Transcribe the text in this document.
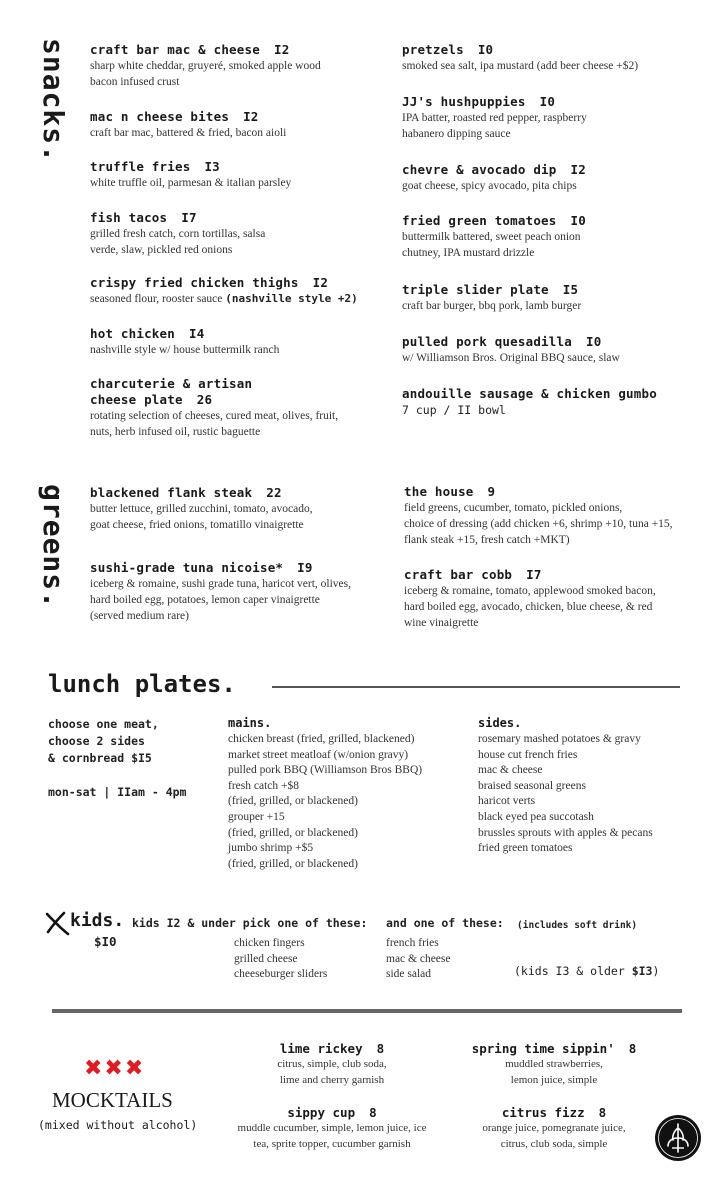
snacks. craft bar mac & cheese I2
sharp white cheddar, gruyeré, smoked apple wood
bacon infused crust
mac n cheese bites I2
craft bar mac, battered & fried, bacon aioli
truffle fries I3
white truffle oil, parmesan & italian parsley
fish tacos I7
grilled fresh catch, corn tortillas, salsa
verde, slaw, pickled red onions
crispy fried chicken thighs I2
seasoned flour, rooster sauce (nashville style +2)
hot chicken I4
nashville style w/ house buttermilk ranch
charcuterie & artisan
cheese plate 26
rotating selection of cheeses, cured meat, olives, fruit,
nuts, herb infused oil, rustic baguette
pretzels I0
smoked sea salt, ipa mustard (add beer cheese +$2)
JJ's hushpuppies I0
IPA batter, roasted red pepper, raspberry
habanero dipping sauce
chevre & avocado dip I2
goat cheese, spicy avocado, pita chips
fried green tomatoes I0
buttermilk battered, sweet peach onion
chutney, IPA mustard drizzle
triple slider plate I5
craft bar burger, bbq pork, lamb burger
pulled pork quesadilla I0
w/ Williamson Bros. Original BBQ sauce, slaw
andouille sausage & chicken gumbo
7 cup / II bowl
greens. blackened flank steak 22
butter lettuce, grilled zucchini, tomato, avocado,
goat cheese, fried onions, tomatillo vinaigrette
sushi-grade tuna nicoise* I9
iceberg & romaine, sushi grade tuna, haricot vert, olives,
hard boiled egg, potatoes, lemon caper vinaigrette
(served medium rare)
the house 9
field greens, cucumber, tomato, pickled onions,
choice of dressing (add chicken +6, shrimp +10, tuna +15,
flank steak +15, fresh catch +MKT)
craft bar cobb I7
iceberg & romaine, tomato, applewood smoked bacon,
hard boiled egg, avocado, chicken, blue cheese, & red
wine vinaigrette
lunch plates.
choose one meat,
choose 2 sides
& cornbread $I5
mon-sat | IIam - 4pm
mains.
chicken breast (fried, grilled, blackened)
market street meatloaf (w/onion gravy)
pulled pork BBQ (Williamson Bros BBQ)
fresh catch +$8
(fried, grilled, or blackened)
grouper +15
(fried, grilled, or blackened)
jumbo shrimp +$5
(fried, grilled, or blackened)
sides.
rosemary mashed potatoes & gravy
house cut french fries
mac & cheese
braised seasonal greens
haricot verts
black eyed pea succotash
brussles sprouts with apples & pecans
fried green tomatoes
kids.
$I0
kids I2 & under pick one of these: and one of these: (includes soft drink)
chicken fingers
grilled cheese
cheeseburger sliders
french fries
mac & cheese
side salad	(kids I3 & older $I3)
✖✖✖
MOCKTAILS
(mixed without alcohol)
lime rickey 8
citrus, simple, club soda,
lime and cherry garnish
spring time sippin' 8
muddled strawberries,
lemon juice, simple
sippy cup 8
muddle cucumber, simple, lemon juice, ice
tea, sprite topper, cucumber garnish
citrus fizz 8
orange juice, pomegranate juice,
citrus, club soda, simple
